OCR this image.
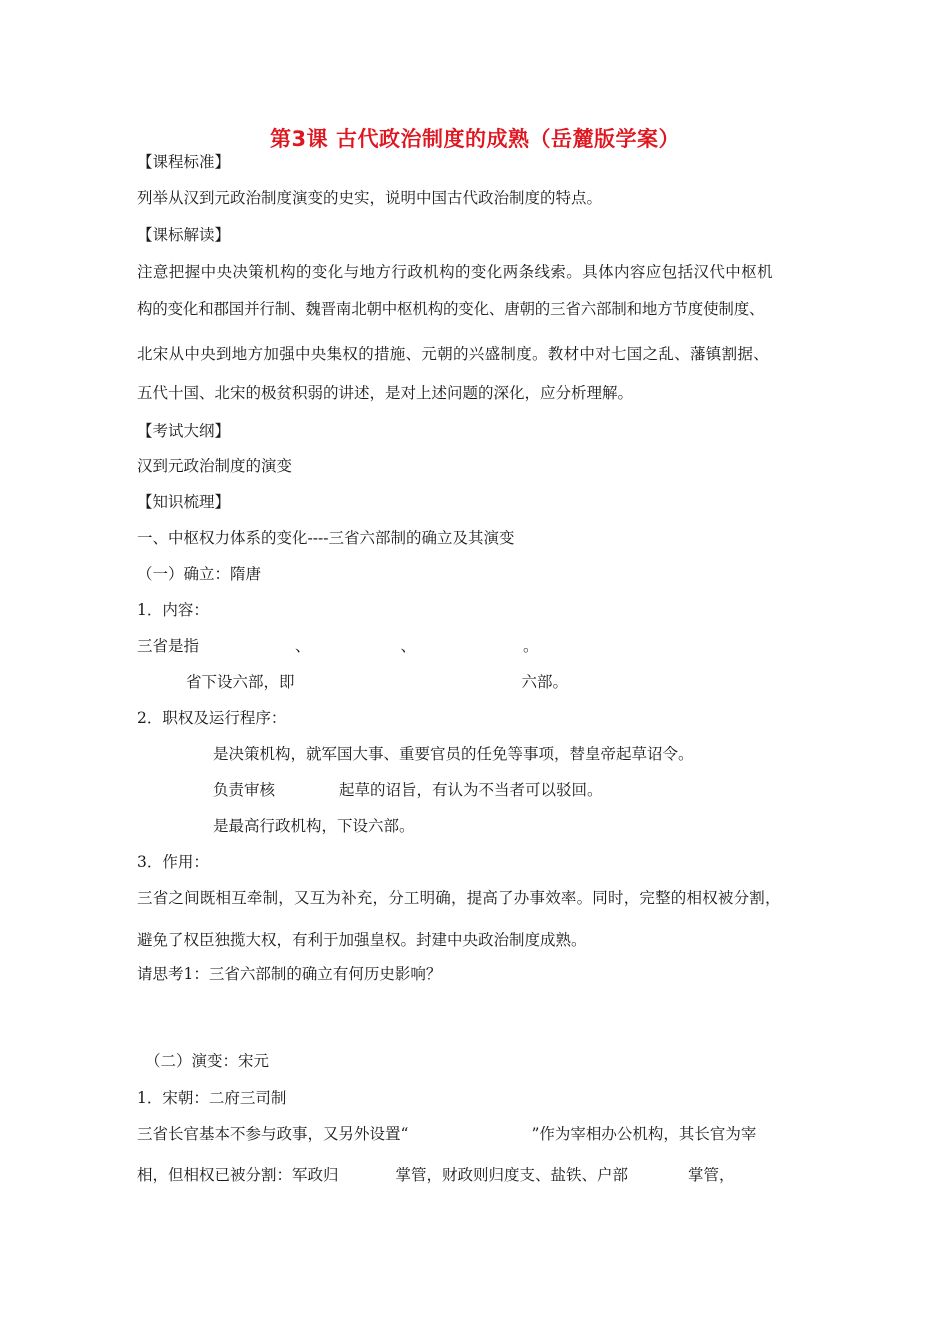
第3课 古代政治制度的成熟（岳麓版学案）
【课程标准】
列举从汉到元政治制度演变的史实，说明中国古代政治制度的特点。
【课标解读】
注意把握中央决策机构的变化与地方行政机构的变化两条线索。具体内容应包括汉代中枢机
构的变化和郡国并行制、魏晋南北朝中枢机构的变化、唐朝的三省六部制和地方节度使制度、
北宋从中央到地方加强中央集权的措施、元朝的兴盛制度。教材中对七国之乱、藩镇割据、
五代十国、北宋的极贫积弱的讲述，是对上述问题的深化，应分析理解。
【考试大纲】
汉到元政治制度的演变
【知识梳理】
一、中枢权力体系的变化----三省六部制的确立及其演变
（一）确立：隋唐
1．内容：
三省是指	、	、	。
省下设六部，即	六部。
2．职权及运行程序：
是决策机构，就军国大事、重要官员的任免等事项，替皇帝起草诏令。
负责审核	起草的诏旨，有认为不当者可以驳回。
是最高行政机构，下设六部。
3．作用：
三省之间既相互牵制，又互为补充，分工明确，提高了办事效率。同时，完整的相权被分割，
避免了权臣独揽大权，有利于加强皇权。封建中央政治制度成熟。
请思考1：三省六部制的确立有何历史影响？
（二）演变：宋元
1．宋朝：二府三司制
三省长官基本不参与政事，又另外设置“	”作为宰相办公机构，其长官为宰
相，但相权已被分割：军政归	掌管，财政则归度支、盐铁、户部	掌管，
